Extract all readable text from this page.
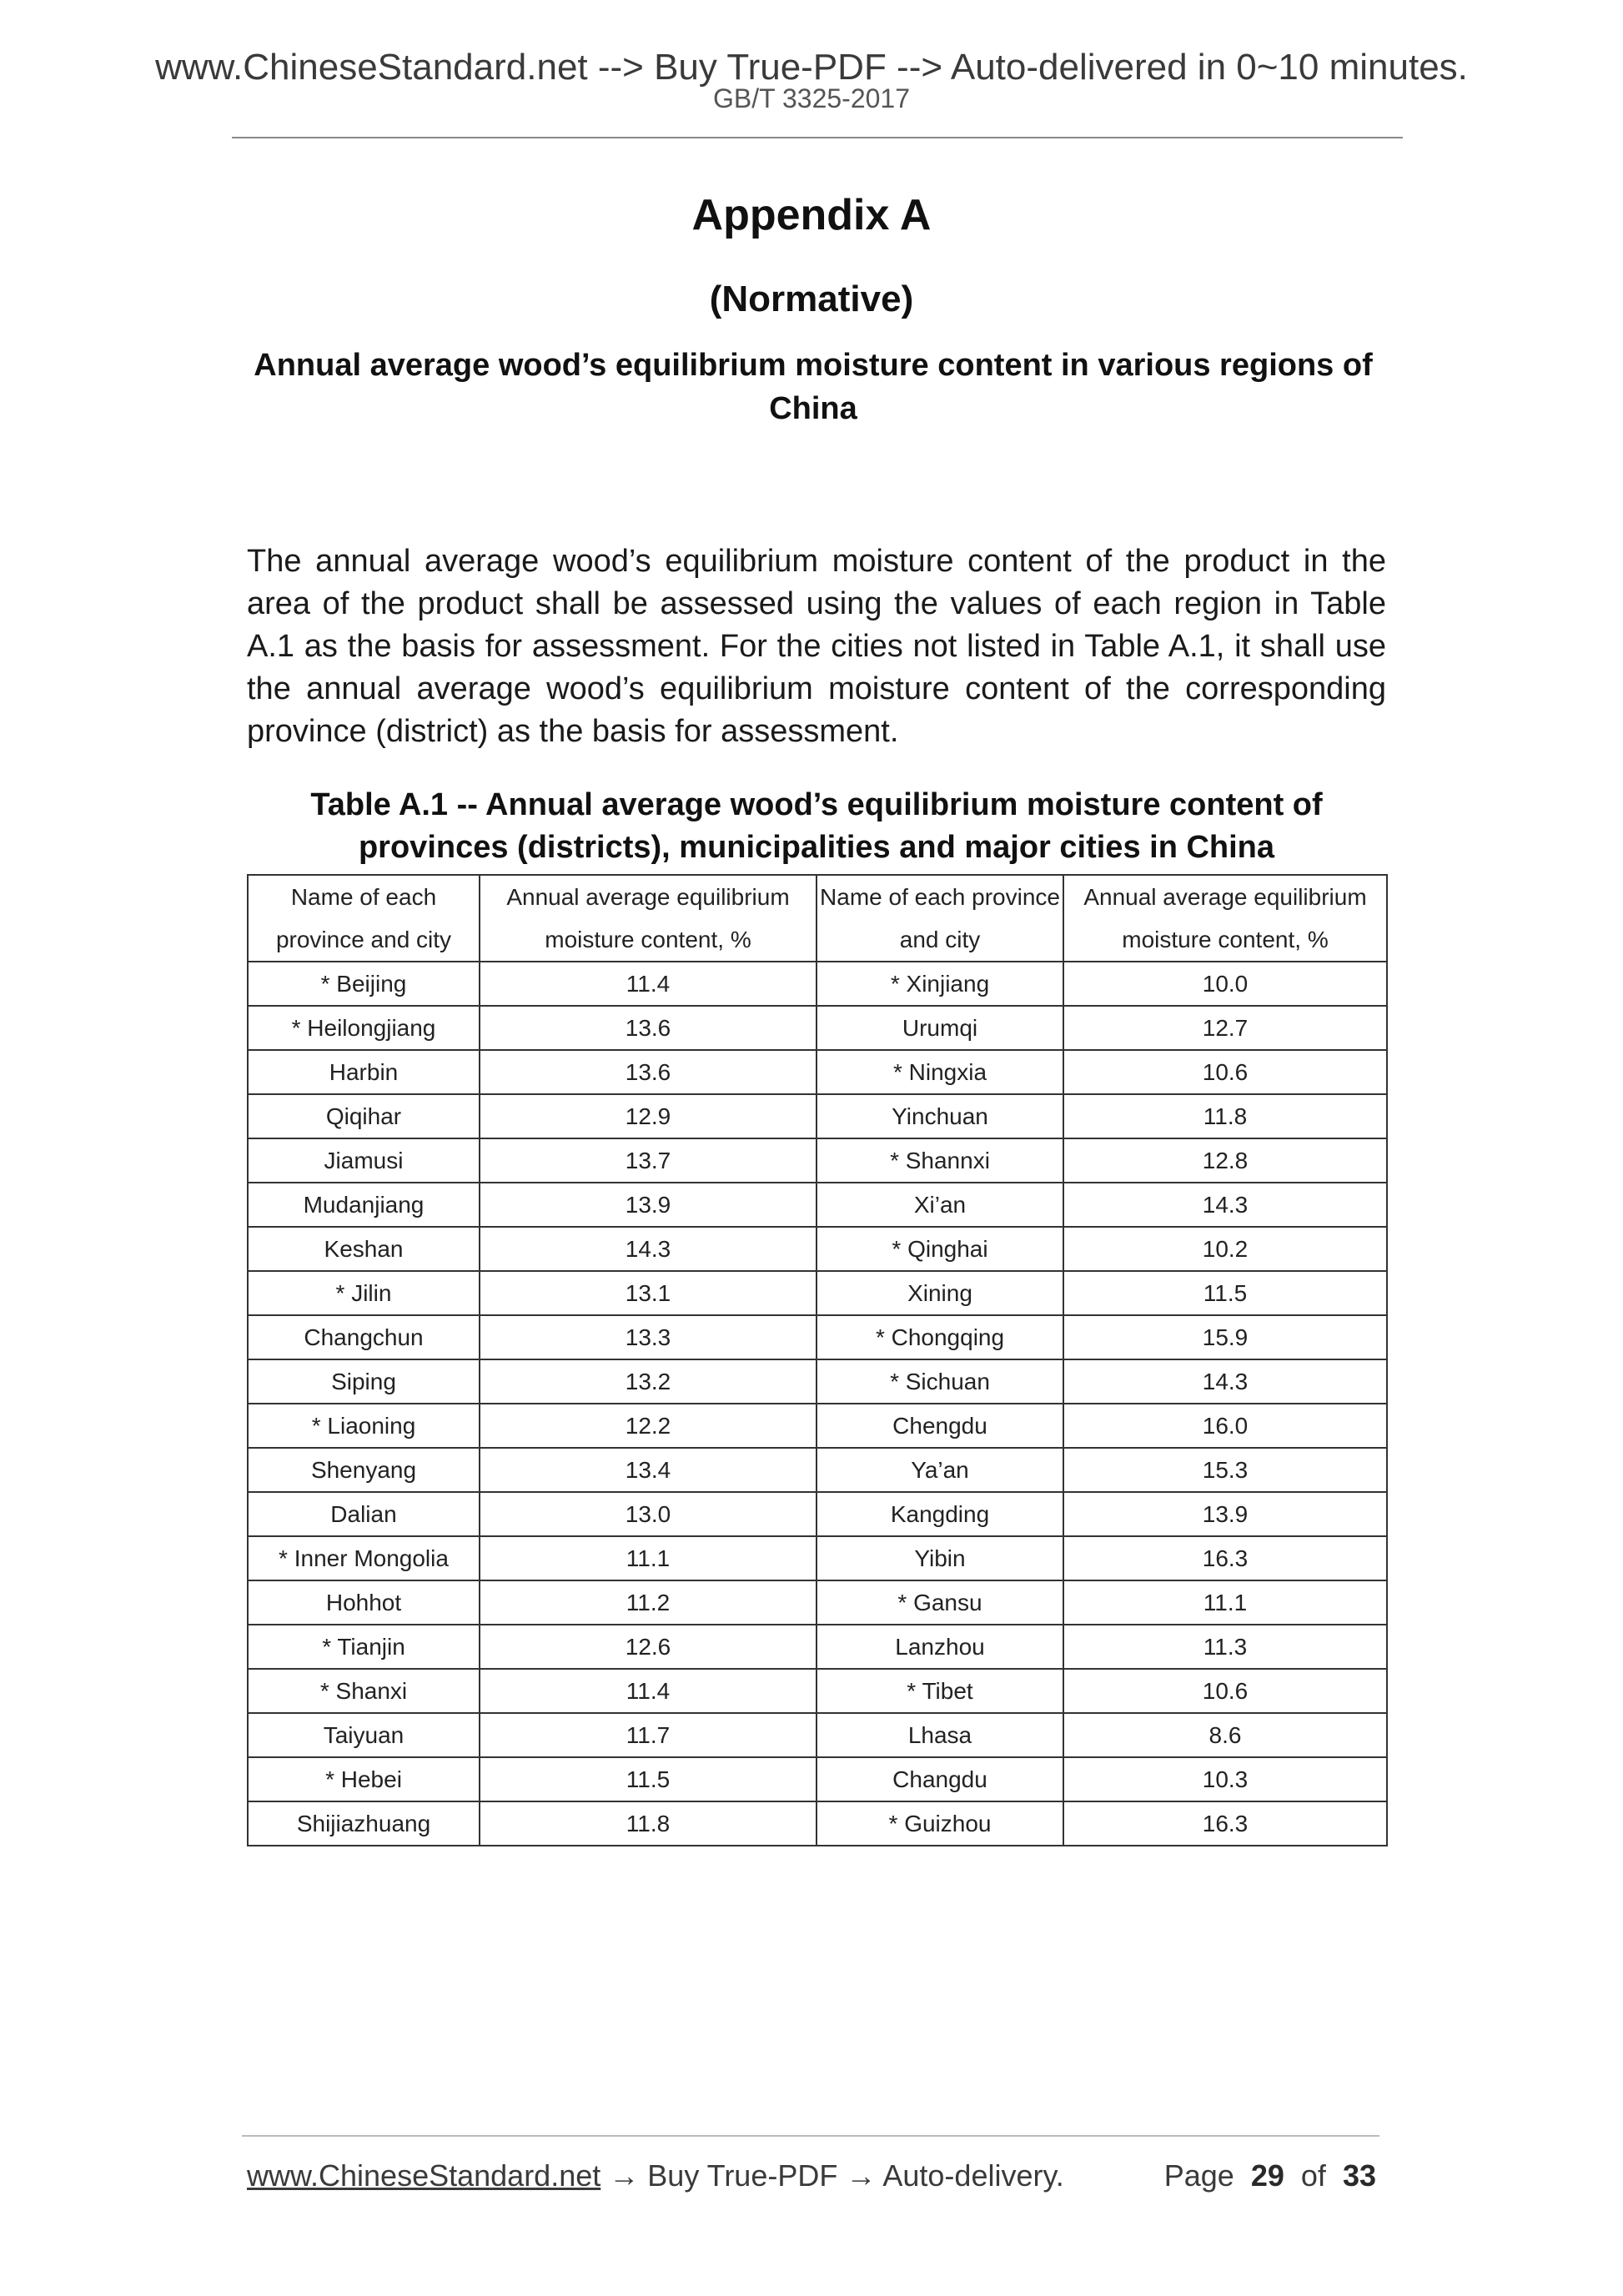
www.ChineseStandard.net --> Buy True-PDF --> Auto-delivered in 0~10 minutes.
GB/T 3325-2017
Appendix A
(Normative)
Annual average wood’s equilibrium moisture content in various regions of China
The annual average wood’s equilibrium moisture content of the product in the area of the product shall be assessed using the values of each region in Table A.1 as the basis for assessment. For the cities not listed in Table A.1, it shall use the annual average wood’s equilibrium moisture content of the corresponding province (district) as the basis for assessment.
Table A.1 -- Annual average wood’s equilibrium moisture content of provinces (districts), municipalities and major cities in China
Name of each province and city	Annual average equilibrium moisture content, %	Name of each province and city	Annual average equilibrium moisture content, %
* Beijing	11.4	* Xinjiang	10.0
* Heilongjiang	13.6	Urumqi	12.7
Harbin	13.6	* Ningxia	10.6
Qiqihar	12.9	Yinchuan	11.8
Jiamusi	13.7	* Shannxi	12.8
Mudanjiang	13.9	Xi’an	14.3
Keshan	14.3	* Qinghai	10.2
* Jilin	13.1	Xining	11.5
Changchun	13.3	* Chongqing	15.9
Siping	13.2	* Sichuan	14.3
* Liaoning	12.2	Chengdu	16.0
Shenyang	13.4	Ya’an	15.3
Dalian	13.0	Kangding	13.9
* Inner Mongolia	11.1	Yibin	16.3
Hohhot	11.2	* Gansu	11.1
* Tianjin	12.6	Lanzhou	11.3
* Shanxi	11.4	* Tibet	10.6
Taiyuan	11.7	Lhasa	8.6
* Hebei	11.5	Changdu	10.3
Shijiazhuang	11.8	* Guizhou	16.3
www.ChineseStandard.net → Buy True-PDF → Auto-delivery.	Page 29 of 33
